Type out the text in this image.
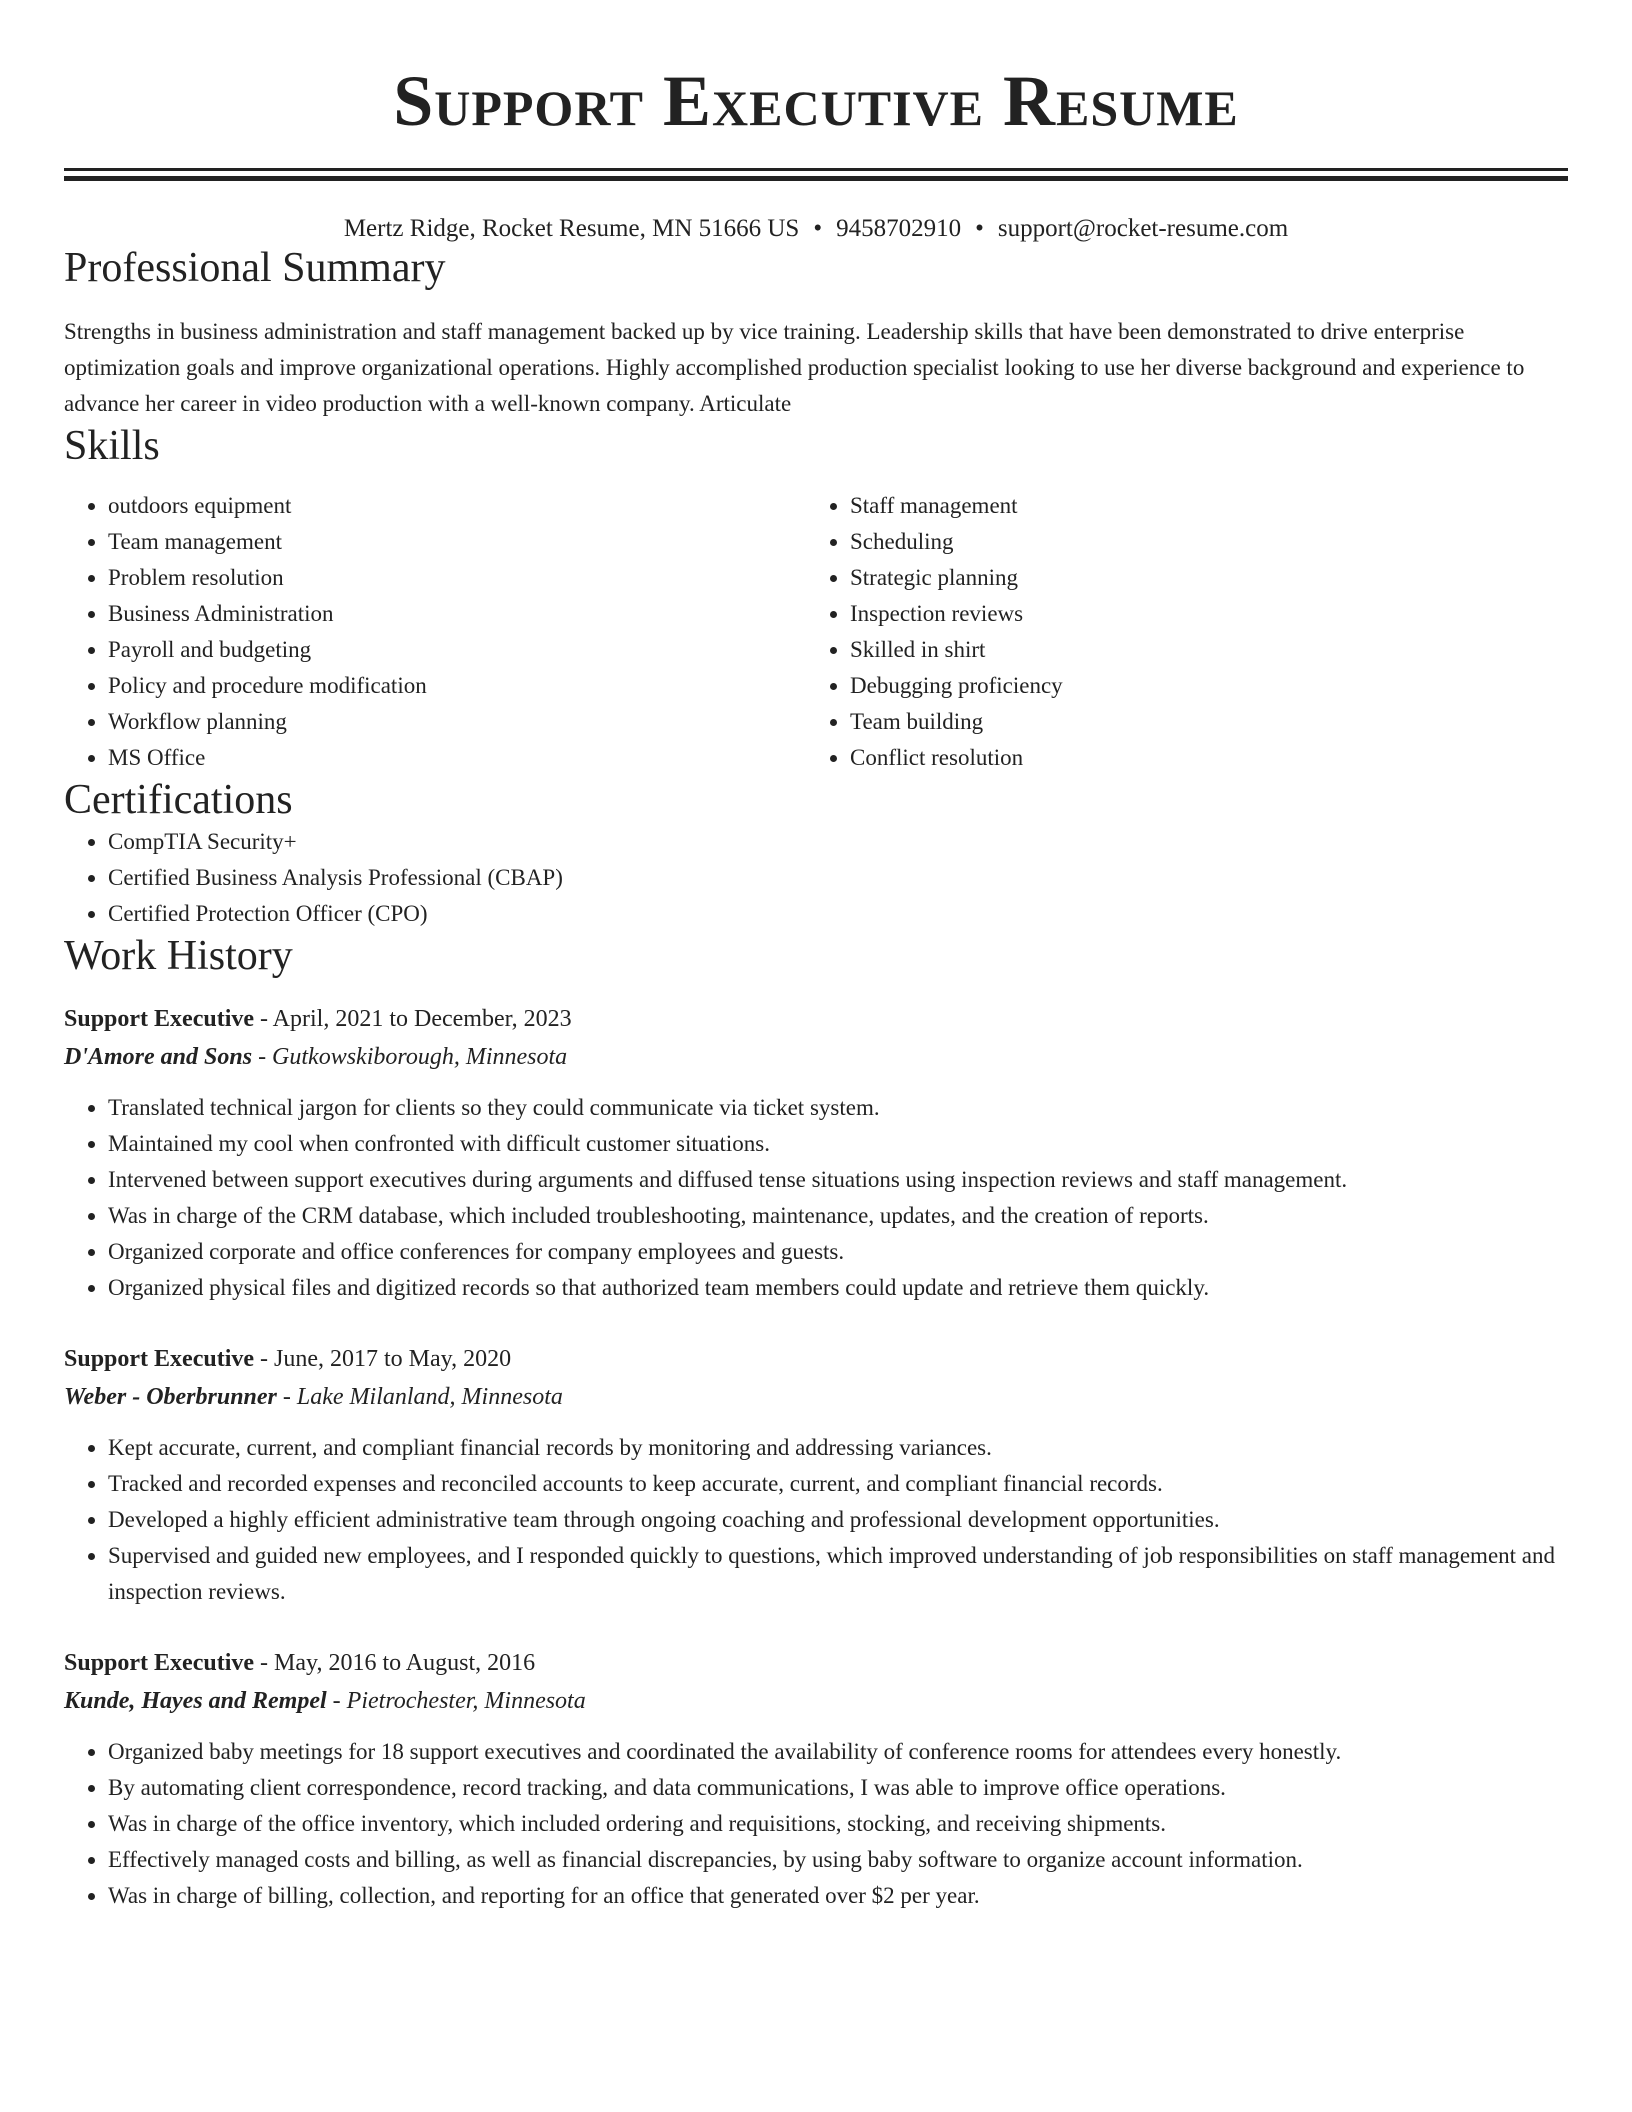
Support Executive Resume
Mertz Ridge, Rocket Resume, MN 51666 US • 9458702910 • support@rocket-resume.com
Professional Summary
Strengths in business administration and staff management backed up by vice training. Leadership skills that have been demonstrated to drive enterprise optimization goals and improve organizational operations. Highly accomplished production specialist looking to use her diverse background and experience to advance her career in video production with a well-known company. Articulate
Skills
• outdoors equipment
• Team management
• Problem resolution
• Business Administration
• Payroll and budgeting
• Policy and procedure modification
• Workflow planning
• MS Office
• Staff management
• Scheduling
• Strategic planning
• Inspection reviews
• Skilled in shirt
• Debugging proficiency
• Team building
• Conflict resolution
Certifications
• CompTIA Security+
• Certified Business Analysis Professional (CBAP)
• Certified Protection Officer (CPO)
Work History
Support Executive - April, 2021 to December, 2023
D'Amore and Sons - Gutkowskiborough, Minnesota
• Translated technical jargon for clients so they could communicate via ticket system.
• Maintained my cool when confronted with difficult customer situations.
• Intervened between support executives during arguments and diffused tense situations using inspection reviews and staff management.
• Was in charge of the CRM database, which included troubleshooting, maintenance, updates, and the creation of reports.
• Organized corporate and office conferences for company employees and guests.
• Organized physical files and digitized records so that authorized team members could update and retrieve them quickly.
Support Executive - June, 2017 to May, 2020
Weber - Oberbrunner - Lake Milanland, Minnesota
• Kept accurate, current, and compliant financial records by monitoring and addressing variances.
• Tracked and recorded expenses and reconciled accounts to keep accurate, current, and compliant financial records.
• Developed a highly efficient administrative team through ongoing coaching and professional development opportunities.
• Supervised and guided new employees, and I responded quickly to questions, which improved understanding of job responsibilities on staff management and inspection reviews.
Support Executive - May, 2016 to August, 2016
Kunde, Hayes and Rempel - Pietrochester, Minnesota
• Organized baby meetings for 18 support executives and coordinated the availability of conference rooms for attendees every honestly.
• By automating client correspondence, record tracking, and data communications, I was able to improve office operations.
• Was in charge of the office inventory, which included ordering and requisitions, stocking, and receiving shipments.
• Effectively managed costs and billing, as well as financial discrepancies, by using baby software to organize account information.
• Was in charge of billing, collection, and reporting for an office that generated over $2 per year.
